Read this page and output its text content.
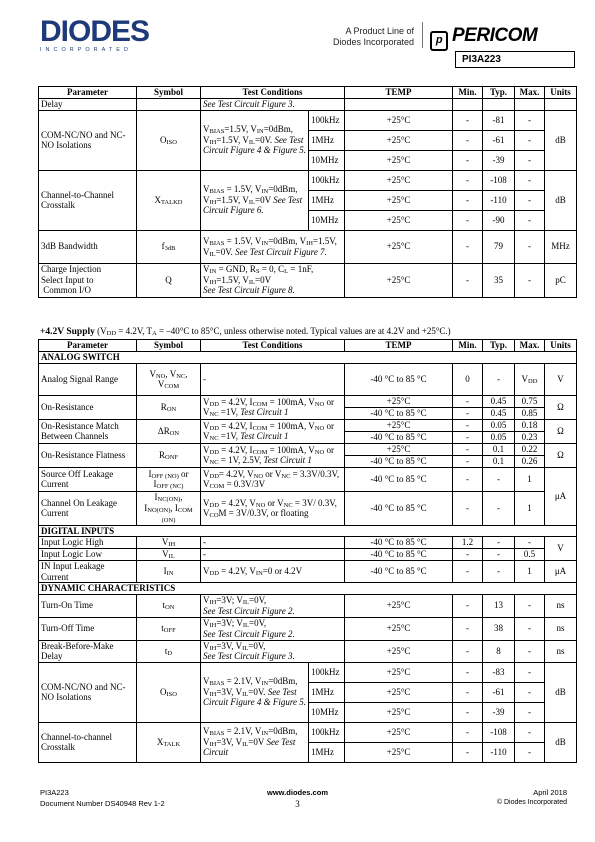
DIODES
INCORPORATED
A Product Line of Diodes Incorporated	p PERICOM
PI3A223
Parameter	Symbol	Test Conditions		TEMP	Min.	Typ.	Max.	Units
Delay		See Test Circuit Figure 3.						
COM-NC/NO and NC-NO Isolations	$O_{ISO}$	$V_{BIAS}=1.5V$, $V_{IN}=0dBm$, $V_{IH}=1.5V$, $V_{IL}=0V$. See Test Circuit Figure 4 & Figure 5.	100kHz	+25°C	-	-81	-	dB
			1MHz	+25°C	-	-61	-	
			10MHz	+25°C	-	-39	-	
Channel-to-Channel Crosstalk	$X_{TALKD}$	$V_{BIAS} = 1.5V$, $V_{IN}=0dBm$, $V_{IH}=1.5V$, $V_{IL}=0V$ See Test Circuit Figure 6.	100kHz	+25°C	-	-108	-	dB
			1MHz	+25°C	-	-110	-	
			10MHz	+25°C	-	-90	-	
3dB Bandwidth	$f_{3dB}$	$V_{BIAS} = 1.5V$, $V_{IN}=0dBm$, $V_{IH}=1.5V$, $V_{IL}=0V$. See Test Circuit Figure 7.		+25°C	-	79	-	MHz
Charge Injection
Select Input to
Common I/O	Q	$V_{IN}$ = GND, $R_S = 0$, $C_L = 1nF$, $V_{IH}=1.5V$, $V_{IL}=0V$
See Test Circuit Figure 8.		+25°C	-	35	-	pC
+4.2V Supply ($V_{DD} = 4.2V$, $T_A = -40^\circ C$ to 85°C, unless otherwise noted. Typical values are at 4.2V and +25°C.)
Parameter	Symbol	Test Conditions		TEMP	Min.	Typ.	Max.	Units
ANALOG SWITCH								
Analog Signal Range	$V_{NO}$, $V_{NC}$,
$V_{COM}$	-		-40 °C to 85 °C	0	-	$V_{DD}$	V
On-Resistance	$R_{ON}$	$V_{DD} = 4.2V$, $I_{COM} = 100mA$, $V_{NO}$ or $V_{NC} =1V$, Test Circuit 1		+25°C	-	0.45	0.75	Ω
				-40 °C to 85 °C	-	0.45	0.85	
On-Resistance Match Between Channels	$\Delta R_{ON}$	$V_{DD} = 4.2V$, $I_{COM} = 100mA$, $V_{NO}$ or $V_{NC} =1V$, Test Circuit 1		+25°C	-	0.05	0.18	Ω
				-40 °C to 85 °C	-	0.05	0.23	
On-Resistance Flatness	$R_{ONF}$	$V_{DD} = 4.2V$, $I_{COM} = 100mA$, $V_{NO}$ or $V_{NC} = 1V$, 2.5V, Test Circuit 1		+25°C	-	0.1	0.22	Ω
				-40 °C to 85 °C	-	0.1	0.26	
Source Off Leakage Current	$I_{OFF (NO)}$ or
$I_{OFF (NC)}$	$V_{DD}= 4.2V$, $V_{NO}$ or $V_{NC} = 3.3V/0.3V$, $V_{COM} = 0.3V/3V$		-40 °C to 85 °C	-	-	1	μA
Channel On Leakage Current	$I_{NC(ON)}$,
$I_{NO(ON)}$, $I_{COM}$
$_{(ON)}$	$V_{DD} = 4.2V$, $V_{NO}$ or $V_{NC} = 3V/$ 0.3V, $V_{CO}M = 3V/0.3V$, or floating		-40 °C to 85 °C	-	-	1	
DIGITAL INPUTS								
Input Logic High	$V_{IH}$	-		-40 °C to 85 °C	1.2	-	-	V
Input Logic Low	$V_{IL}$	-		-40 °C to 85 °C	-	-	0.5	
IN Input Leakage Current	$I_{IN}$	$V_{DD} = 4.2V$, $V_{IN}=0$ or 4.2V		-40 °C to 85 °C	-	-	1	μA
DYNAMIC CHARACTERISTICS								
Turn-On Time	$t_{ON}$	$V_{IH}=3V$; $V_{IL}=0V$,
See Test Circuit Figure 2.		+25°C	-	13	-	ns
Turn-Off Time	$t_{OFF}$	$V_{IH}=3V$; $V_{IL}=0V$,
See Test Circuit Figure 2.		+25°C	-	38	-	ns
Break-Before-Make Delay	$t_D$	$V_{IH}=3V$, $V_{IL}=0V$,
See Test Circuit Figure 3.		+25°C	-	8	-	ns
COM-NC/NO and NC-NO Isolations	$O_{ISO}$	$V_{BIAS} = 2.1V$, $V_{IN}=0dBm$, $V_{IH}=3V$, $V_{IL}=0V$. See Test Circuit Figure 4 & Figure 5.	100kHz	+25°C	-	-83	-	dB
			1MHz	+25°C	-	-61	-	
			10MHz	+25°C	-	-39	-	
Channel-to-channel Crosstalk	$X_{TALK}$	$V_{BIAS} = 2.1V$, $V_{IN}=0dBm$, $V_{IH}=3V$, $V_{IL}=0V$ See Test Circuit	100kHz	+25°C	-	-108	-	dB
			1MHz	+25°C	-	-110	-	
PI3A223
Document Number DS40948 Rev 1-2
www.diodes.com
3
April 2018
© Diodes Incorporated
